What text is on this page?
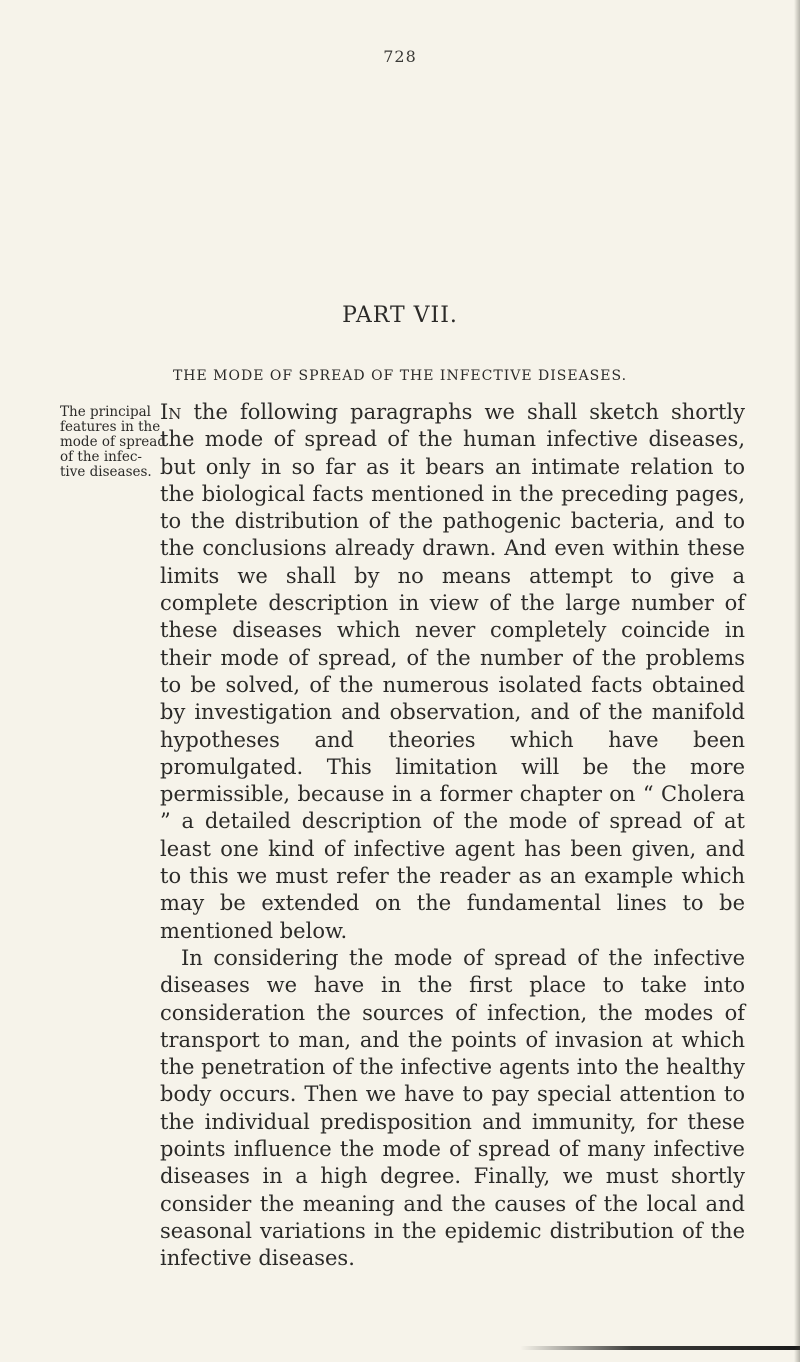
728
PART VII.
THE MODE OF SPREAD OF THE INFECTIVE DISEASES.
The principal
features in the
mode of spread
of the infec-
tive diseases.

In the following paragraphs we shall sketch shortly the mode of spread of the human infective diseases, but only in so far as it bears an intimate relation to the biological facts mentioned in the preceding pages, to the distribution of the pathogenic bacteria, and to the conclusions already drawn. And even within these limits we shall by no means attempt to give a complete description in view of the large number of these diseases which never completely coincide in their mode of spread, of the number of the problems to be solved, of the numerous isolated facts obtained by investigation and observation, and of the manifold hypotheses and theories which have been promulgated. This limitation will be the more permissible, because in a former chapter on “ Cholera ” a detailed description of the mode of spread of at least one kind of infective agent has been given, and to this we must refer the reader as an example which may be extended on the fundamental lines to be mentioned below.

In considering the mode of spread of the infective diseases we have in the first place to take into consideration the sources of infection, the modes of transport to man, and the points of invasion at which the penetration of the infective agents into the healthy body occurs. Then we have to pay special attention to the individual predisposition and immunity, for these points influence the mode of spread of many infective diseases in a high degree. Finally, we must shortly consider the meaning and the causes of the local and seasonal variations in the epidemic distribution of the infective diseases.
